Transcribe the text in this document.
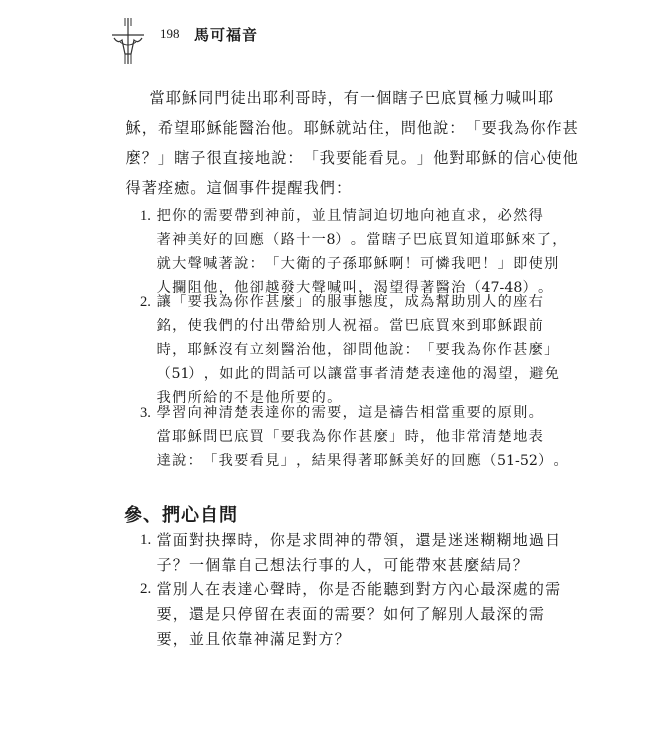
198 馬可福音
當耶穌同門徒出耶利哥時，有一個瞎子巴底買極力喊叫耶
穌，希望耶穌能醫治他。耶穌就站住，問他說：「要我為你作甚
麼？」瞎子很直接地說：「我要能看見。」他對耶穌的信心使他
得著痊癒。這個事件提醒我們：
1. 把你的需要帶到神前，並且情詞迫切地向祂直求，必然得
著神美好的回應（路十一8）。當瞎子巴底買知道耶穌來了，
就大聲喊著說：「大衛的子孫耶穌啊！可憐我吧！」即使別
人攔阻他，他卻越發大聲喊叫，渴望得著醫治（47-48）。
2. 讓「要我為你作甚麼」的服事態度，成為幫助別人的座右
銘，使我們的付出帶給別人祝福。當巴底買來到耶穌跟前
時，耶穌沒有立刻醫治他，卻問他說：「要我為你作甚麼」
（51），如此的問話可以讓當事者清楚表達他的渴望，避免
我們所給的不是他所要的。
3. 學習向神清楚表達你的需要，這是禱告相當重要的原則。
當耶穌問巴底買「要我為你作甚麼」時，他非常清楚地表
達說：「我要看見」，結果得著耶穌美好的回應（51-52）。
參、捫心自問
1. 當面對抉擇時，你是求問神的帶領，還是迷迷糊糊地過日
子？一個靠自己想法行事的人，可能帶來甚麼結局？
2. 當別人在表達心聲時，你是否能聽到對方內心最深處的需
要，還是只停留在表面的需要？如何了解別人最深的需
要，並且依靠神滿足對方？
